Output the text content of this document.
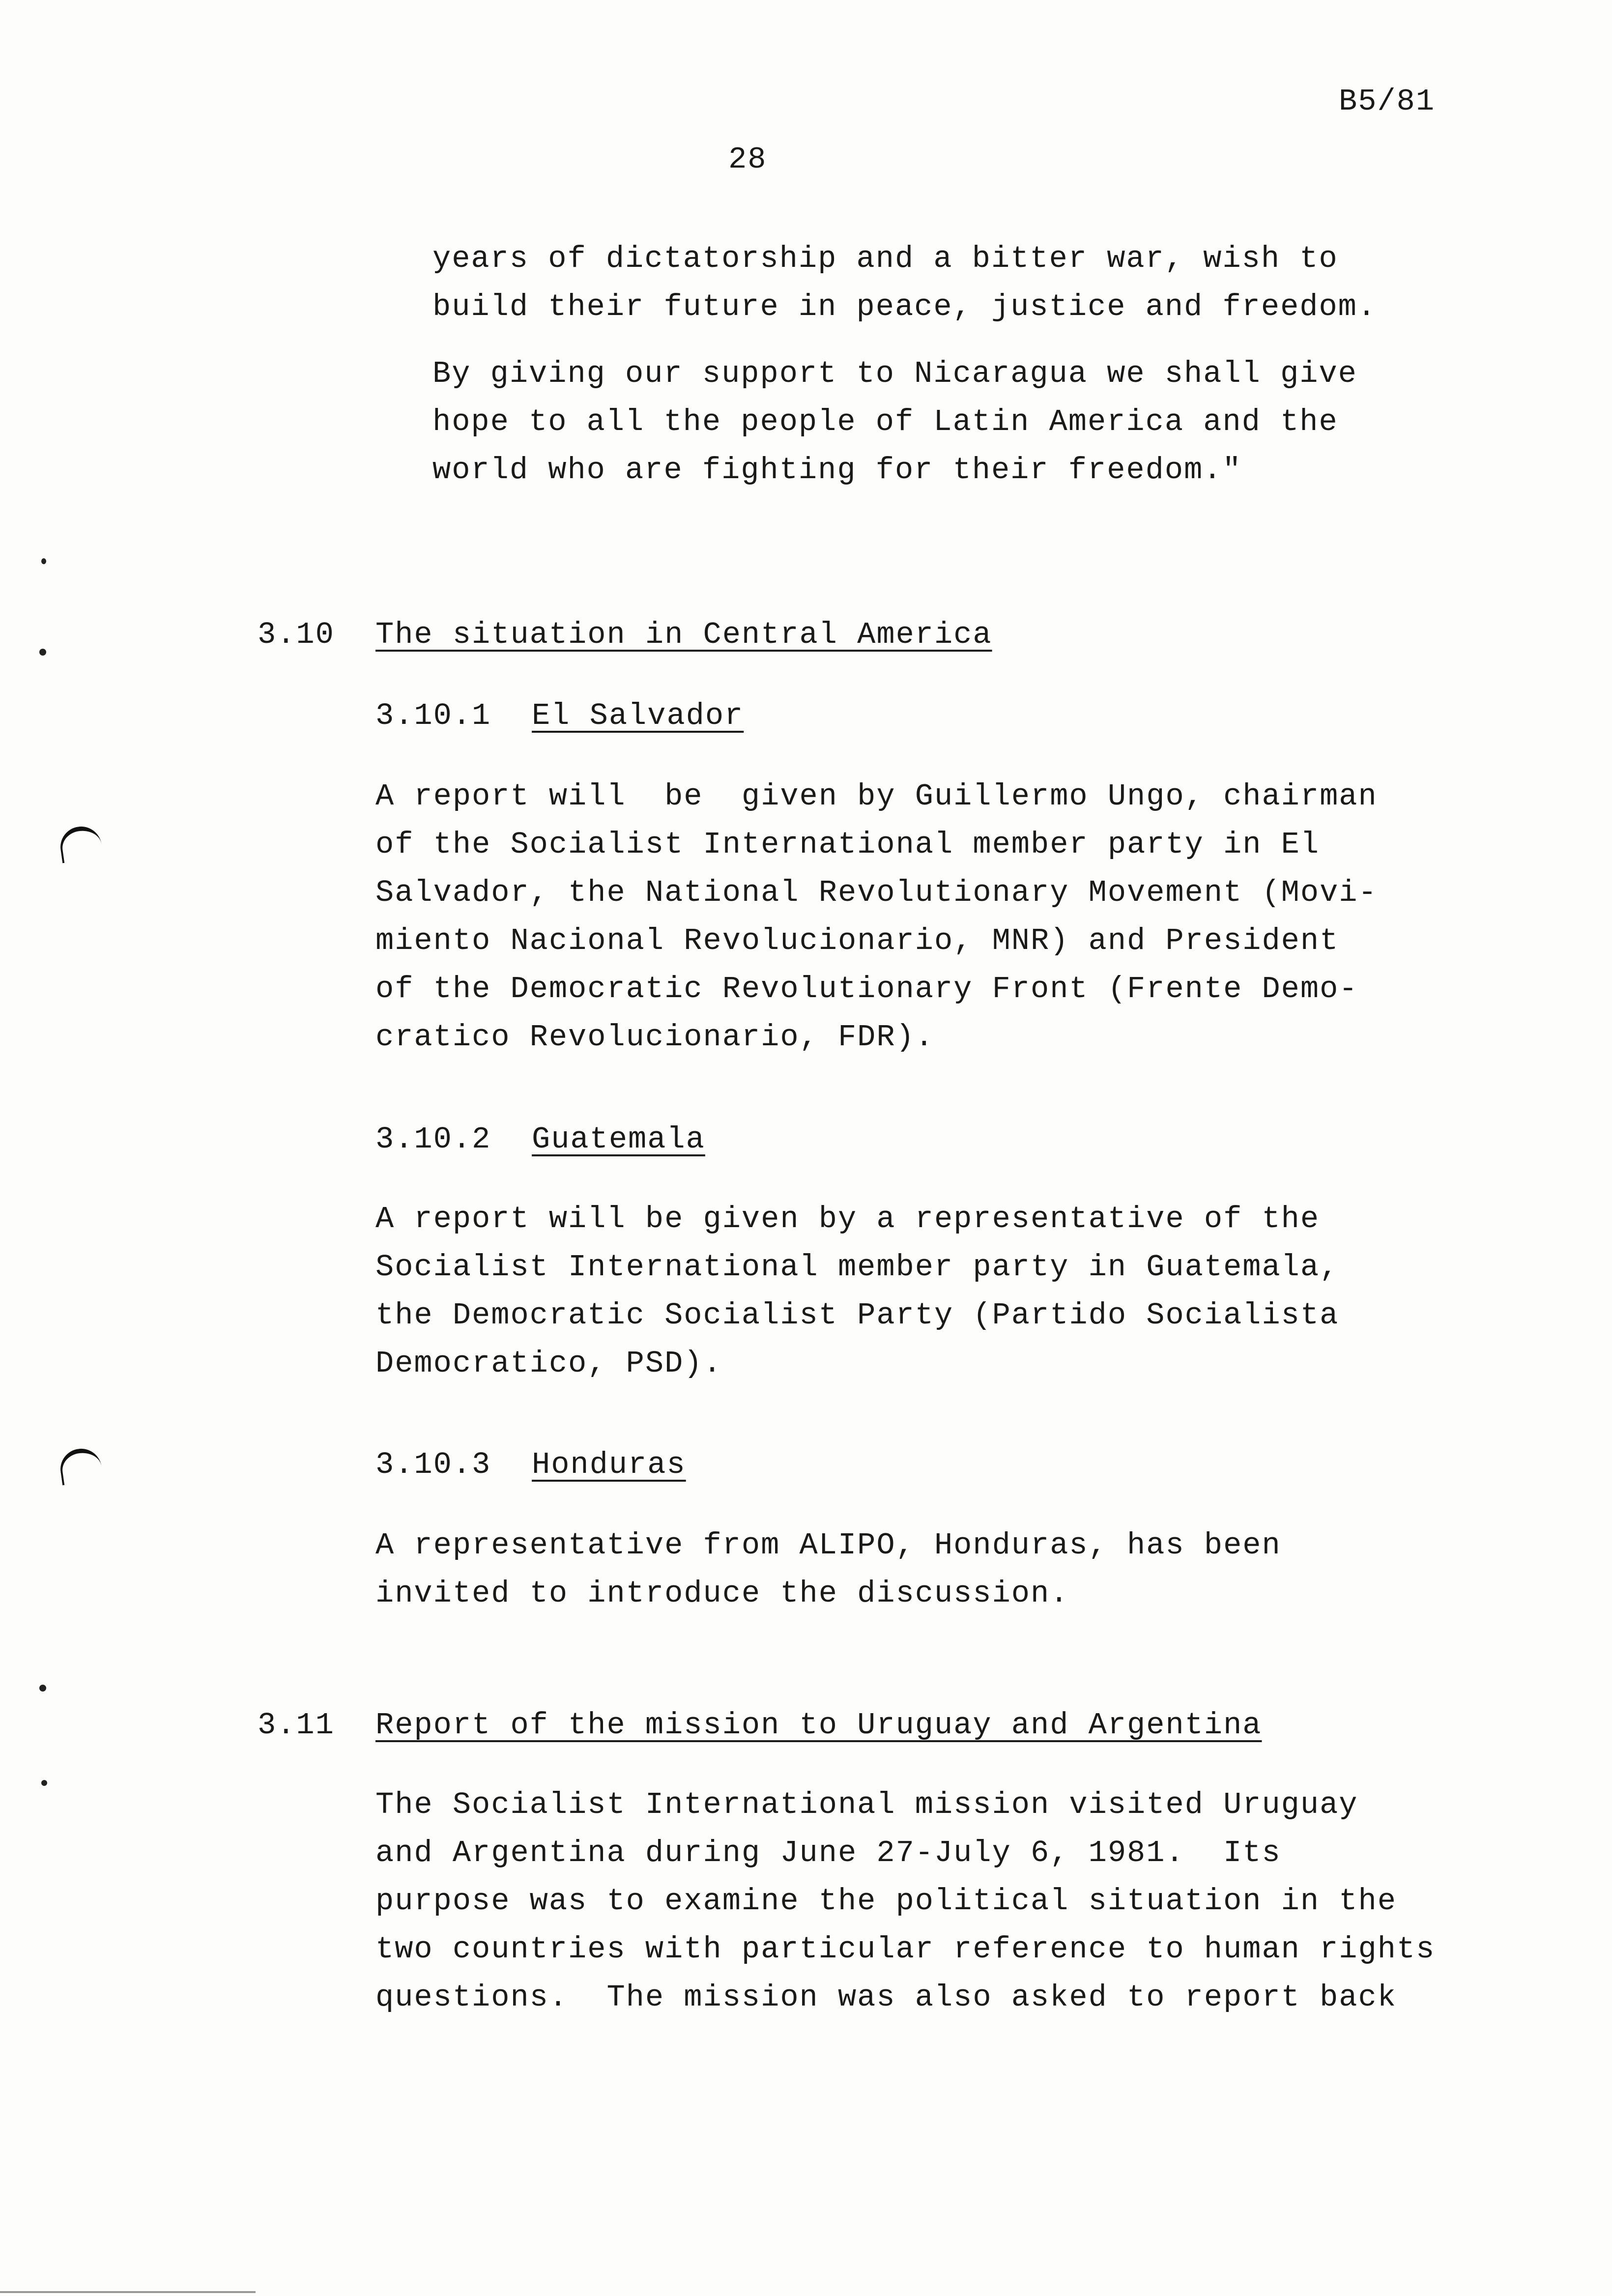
B5/81
28
years of dictatorship and a bitter war, wish to
build their future in peace, justice and freedom.
By giving our support to Nicaragua we shall give
hope to all the people of Latin America and the
world who are fighting for their freedom."
3.10 The situation in Central America
3.10.1 El Salvador
A report will  be  given by Guillermo Ungo, chairman
of the Socialist International member party in El
Salvador, the National Revolutionary Movement (Movi-
miento Nacional Revolucionario, MNR) and President
of the Democratic Revolutionary Front (Frente Demo-
cratico Revolucionario, FDR).
3.10.2 Guatemala
A report will be given by a representative of the
Socialist International member party in Guatemala,
the Democratic Socialist Party (Partido Socialista
Democratico, PSD).
3.10.3 Honduras
A representative from ALIPO, Honduras, has been
invited to introduce the discussion.
3.11 Report of the mission to Uruguay and Argentina
The Socialist International mission visited Uruguay
and Argentina during June 27-July 6, 1981.  Its
purpose was to examine the political situation in the
two countries with particular reference to human rights
questions.  The mission was also asked to report back
